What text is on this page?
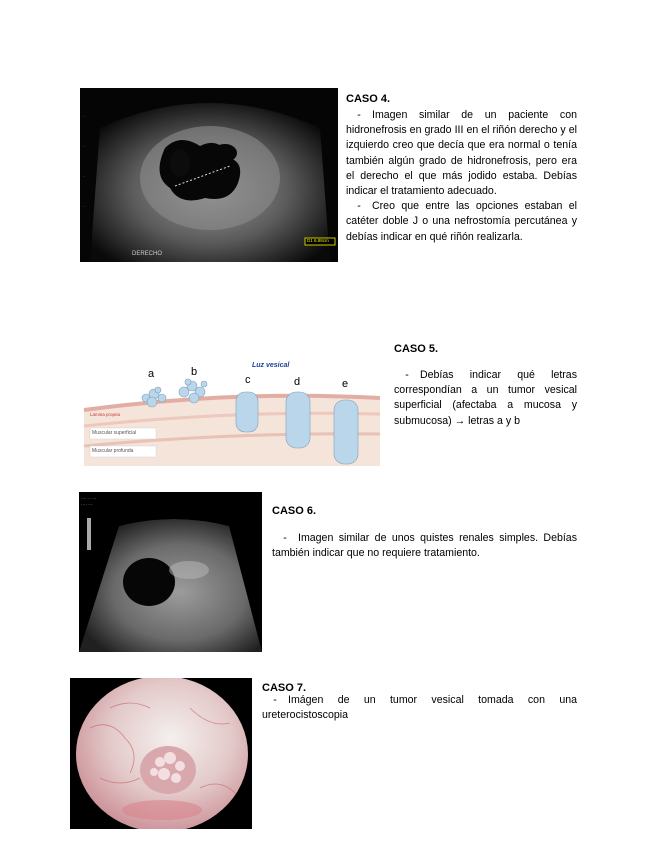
·
·
·
·
DERECHO
D1 6.88cm
CASO 4.

- Imagen similar de un paciente con hidronefrosis en grado III en el riñón derecho y el izquierdo creo que decía que era normal o tenía también algún grado de hidronefrosis, pero era el derecho el que más jodido estaba. Debías indicar el tratamiento adecuado.

- Creo que entre las opciones estaban el catéter doble J o una nefrostomía percutánea y debías indicar en qué riñón realizarla.

Luz vesical
a	b
c	d	e
Lamina propria
Muscular superficial
Muscular profunda
CASO 5.

- Debías indicar qué letras correspondían a un tumor vesical superficial (afectaba a mucosa y submucosa) → letras a y b

···· · · ···
··· ·· ··
CASO 6.

- Imagen similar de unos quistes renales simples. Debías también indicar que no requiere tratamiento.

CASO 7.

- Imágen de un tumor vesical tomada con una ureterocistoscopia
